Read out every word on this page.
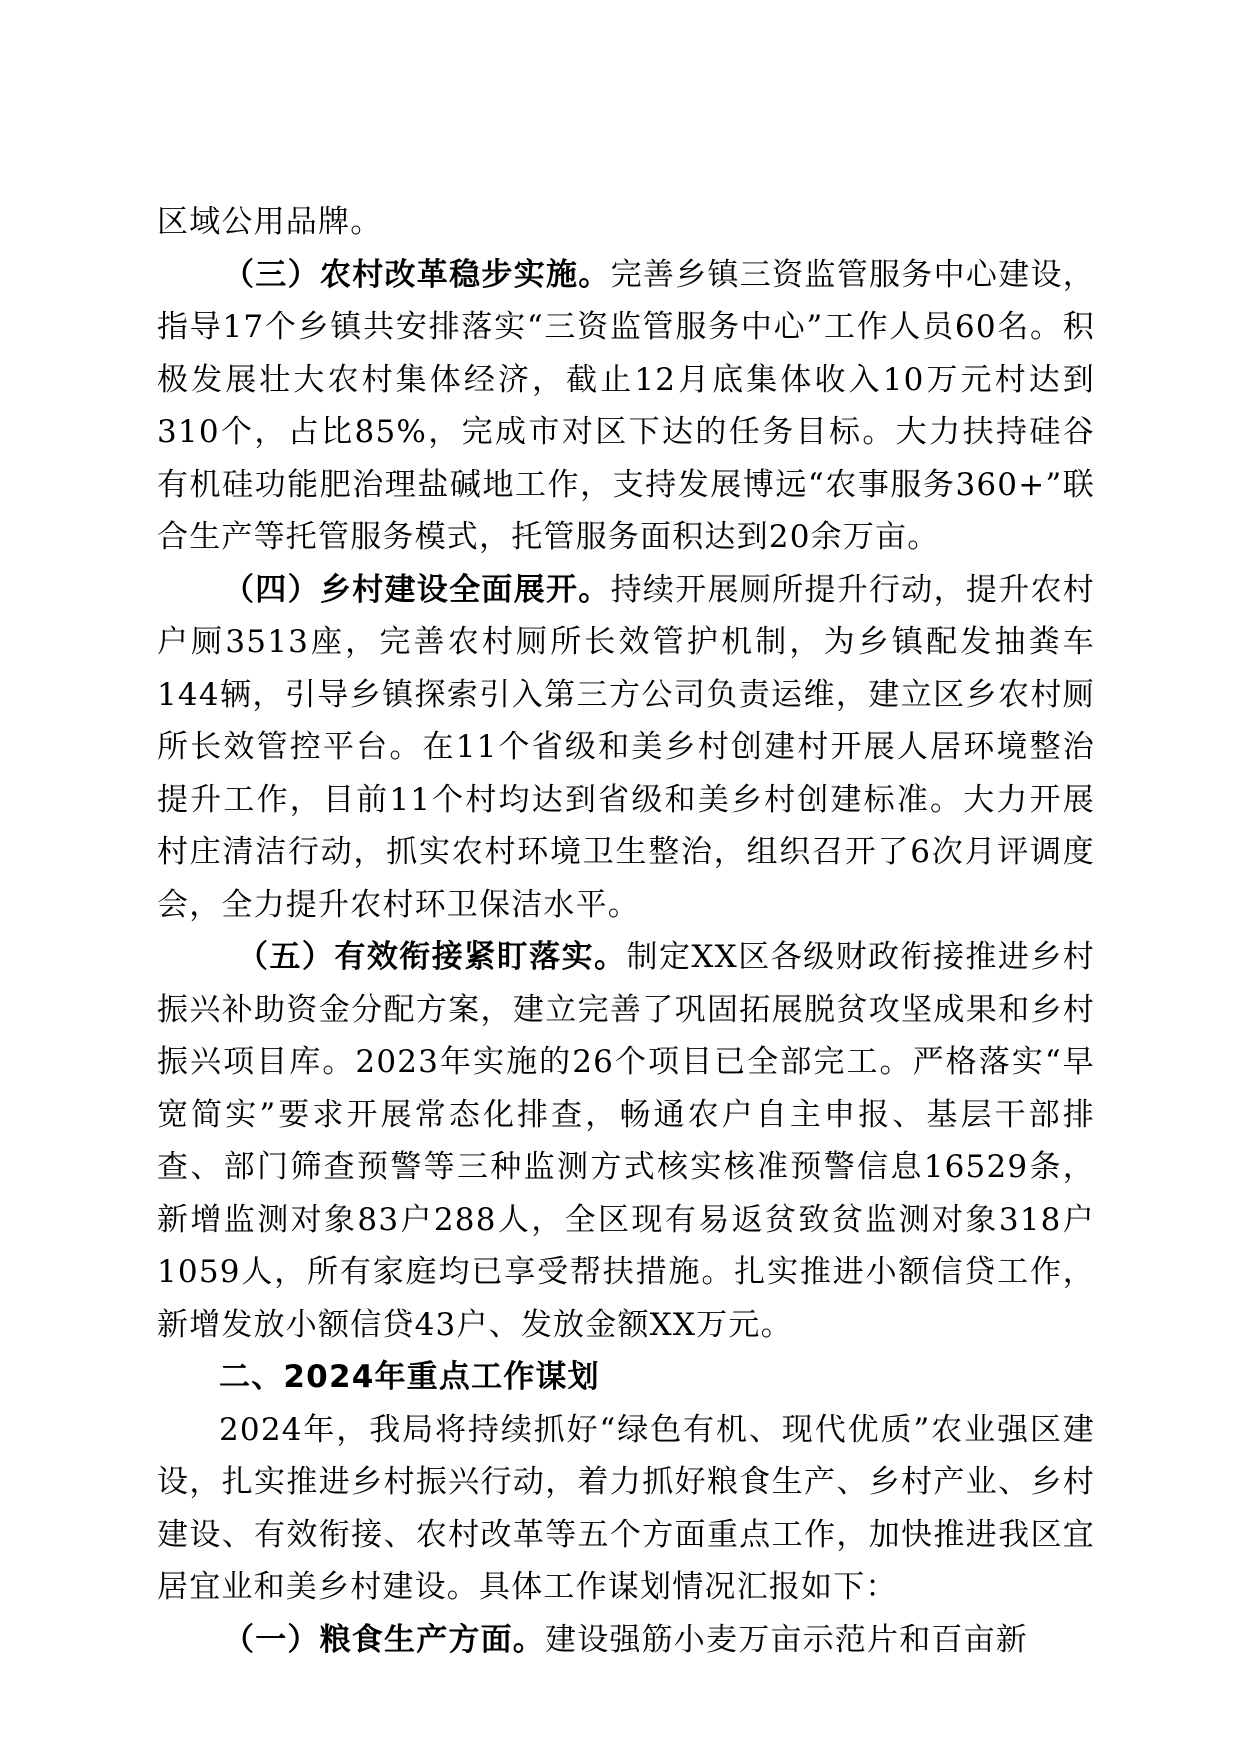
区域公用品牌。

（三）农村改革稳步实施。完善乡镇三资监管服务中心建设，指导17个乡镇共安排落实“三资监管服务中心”工作人员60名。积极发展壮大农村集体经济，截止12月底集体收入10万元村达到310个，占比85%，完成市对区下达的任务目标。大力扶持硅谷有机硅功能肥治理盐碱地工作，支持发展博远“农事服务360+”联合生产等托管服务模式，托管服务面积达到20余万亩。

（四）乡村建设全面展开。持续开展厕所提升行动，提升农村户厕3513座，完善农村厕所长效管护机制，为乡镇配发抽粪车144辆，引导乡镇探索引入第三方公司负责运维，建立区乡农村厕所长效管控平台。在11个省级和美乡村创建村开展人居环境整治提升工作，目前11个村均达到省级和美乡村创建标准。大力开展村庄清洁行动，抓实农村环境卫生整治，组织召开了6次月评调度会，全力提升农村环卫保洁水平。

（五）有效衔接紧盯落实。制定XX区各级财政衔接推进乡村振兴补助资金分配方案，建立完善了巩固拓展脱贫攻坚成果和乡村振兴项目库。2023年实施的26个项目已全部完工。严格落实“早宽简实”要求开展常态化排查，畅通农户自主申报、基层干部排查、部门筛查预警等三种监测方式核实核准预警信息16529条，新增监测对象83户288人，全区现有易返贫致贫监测对象318户1059人，所有家庭均已享受帮扶措施。扎实推进小额信贷工作，新增发放小额信贷43户、发放金额XX万元。

二、2024年重点工作谋划

2024年，我局将持续抓好“绿色有机、现代优质”农业强区建设，扎实推进乡村振兴行动，着力抓好粮食生产、乡村产业、乡村建设、有效衔接、农村改革等五个方面重点工作，加快推进我区宜居宜业和美乡村建设。具体工作谋划情况汇报如下：

（一）粮食生产方面。建设强筋小麦万亩示范片和百亩新
